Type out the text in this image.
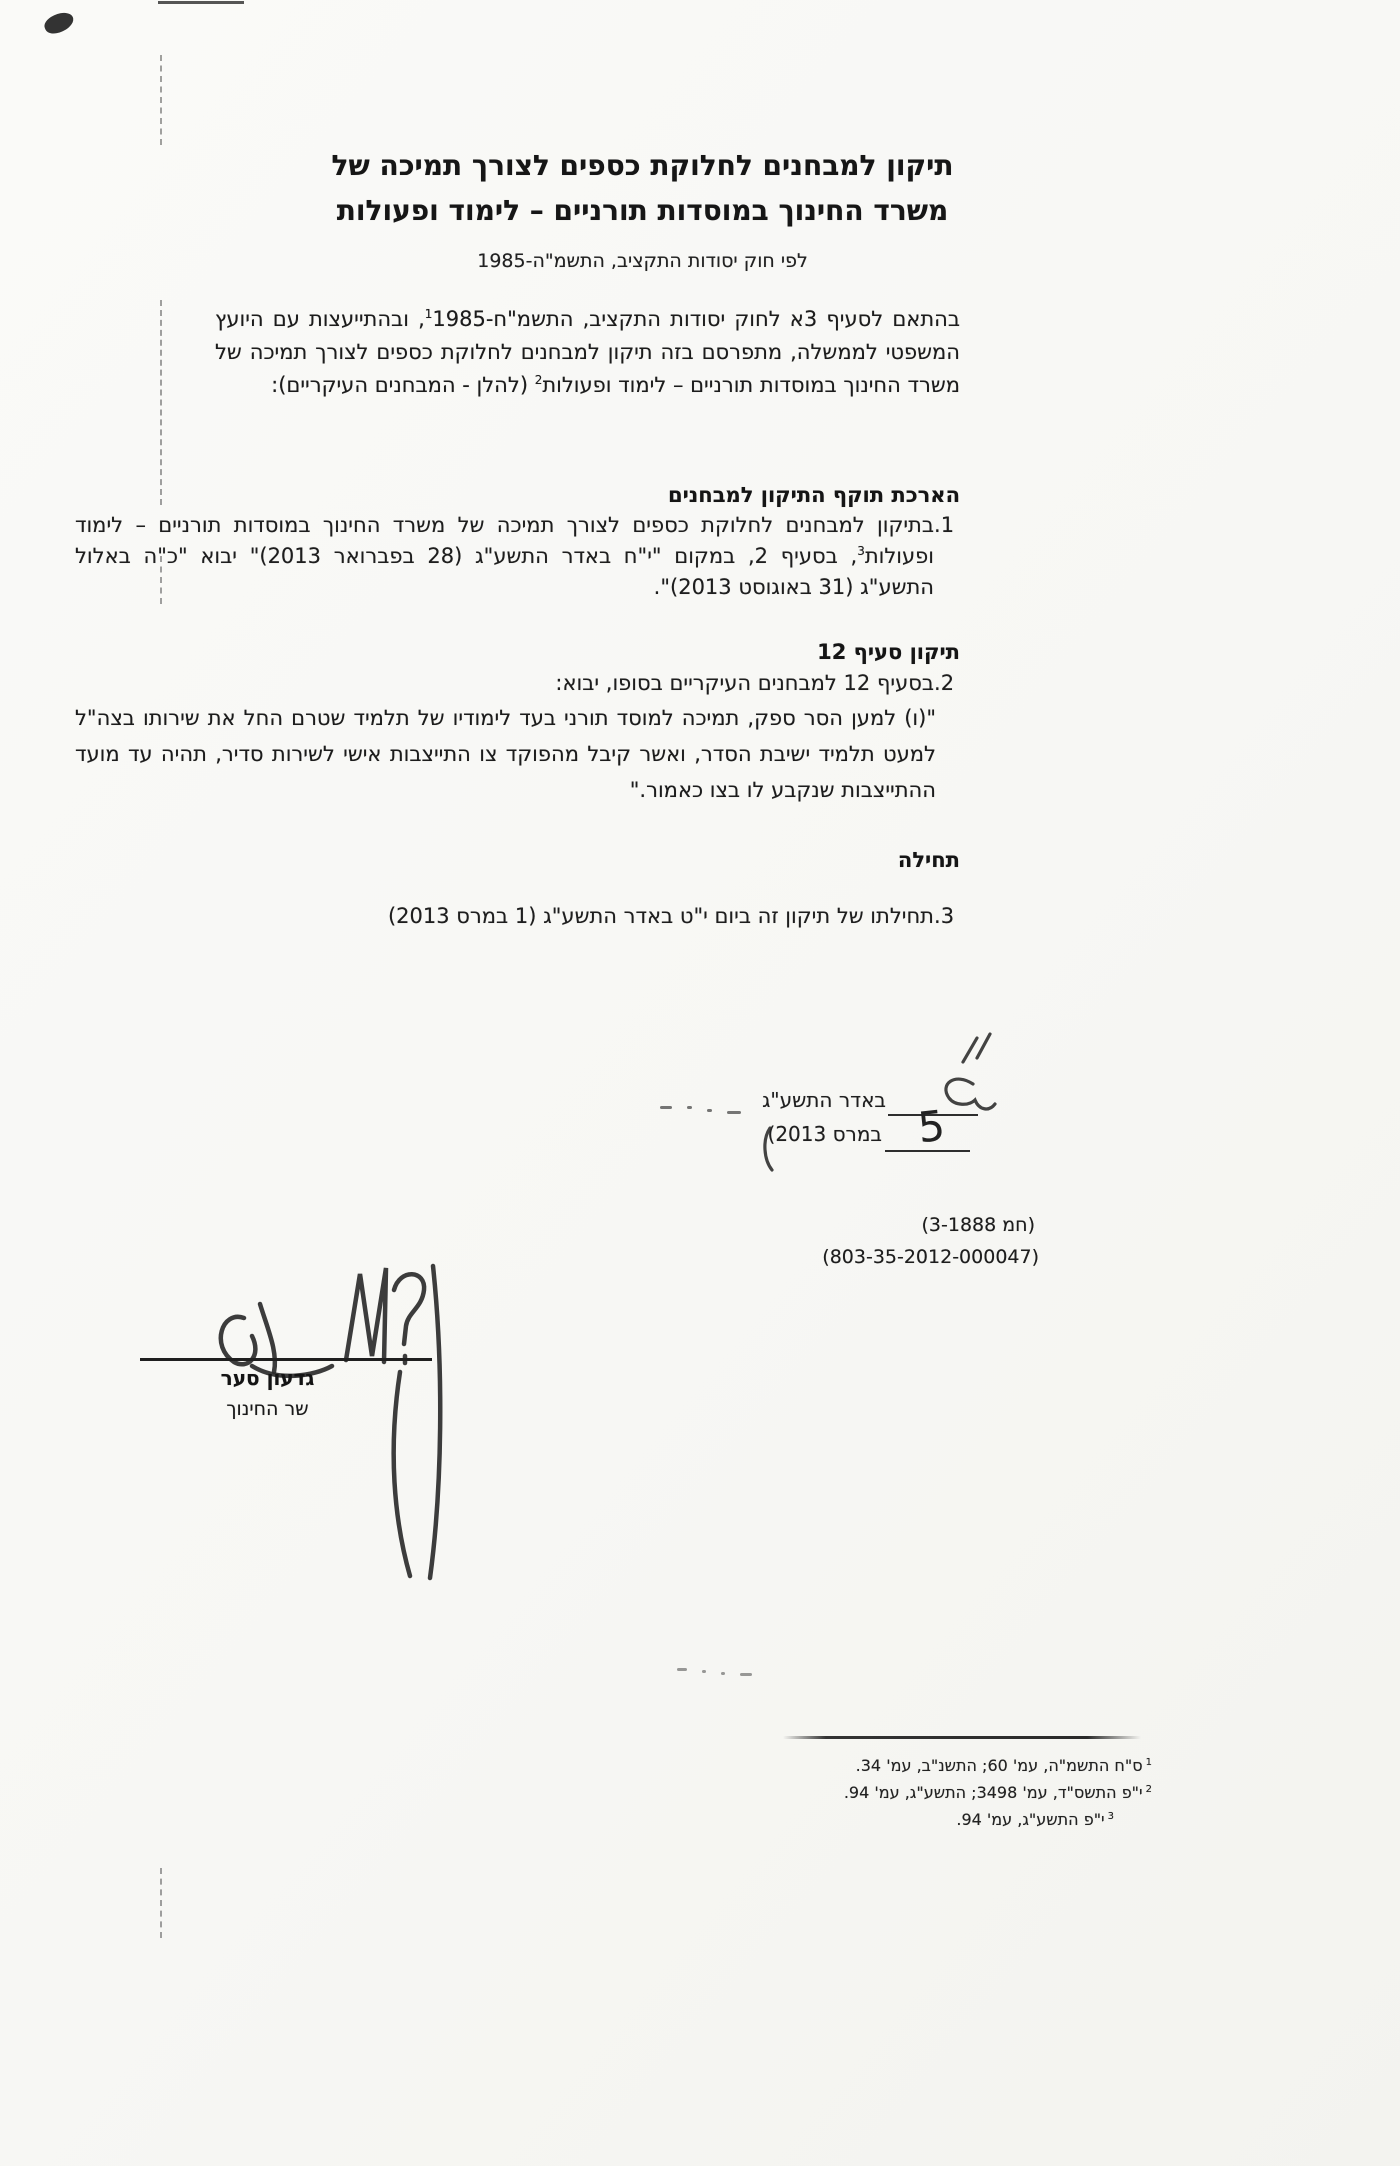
תיקון למבחנים לחלוקת כספים לצורך תמיכה של
משרד החינוך במוסדות תורניים – לימוד ופעולות
לפי חוק יסודות התקציב, התשמ"ה-1985
בהתאם לסעיף 3א לחוק יסודות התקציב, התשמ"ח-1985$^1$, ובהתייעצות עם היועץ המשפטי לממשלה, מתפרסם בזה תיקון למבחנים לחלוקת כספים לצורך תמיכה של משרד החינוך במוסדות תורניים – לימוד ופעולות$^2$ (להלן - המבחנים העיקריים):
הארכת תוקף התיקון למבחנים
1.
בתיקון למבחנים לחלוקת כספים לצורך תמיכה של משרד החינוך במוסדות תורניים – לימוד ופעולות$^3$, בסעיף 2, במקום "י"ח באדר התשע"ג (28 בפברואר 2013)" יבוא "כ"ה באלול התשע"ג (31 באוגוסט 2013)".
תיקון סעיף 12
2.
בסעיף 12 למבחנים העיקריים בסופו, יבוא:
"(ו) למען הסר ספק, תמיכה למוסד תורני בעד לימודיו של תלמיד שטרם החל את שירותו בצה"ל למעט תלמיד ישיבת הסדר, ואשר קיבל מהפוקד צו התייצבות אישי לשירות סדיר, תהיה עד מועד ההתייצבות שנקבע לו בצו כאמור."
תחילה
3.
תחילתו של תיקון זה ביום י"ט באדר התשע"ג (1 במרס 2013)
באדר התשע"ג
5
במרס 2013)
(חמ 3-1888)
(803-35-2012-000047)
גדעון סער
שר החינוך
$^1$ס"ח התשמ"ה, עמ' 60; התשנ"ב, עמ' 34.
$^2$י"פ התשס"ד, עמ' 3498; התשע"ג, עמ' 94.
$^3$י"פ התשע"ג, עמ' 94.
